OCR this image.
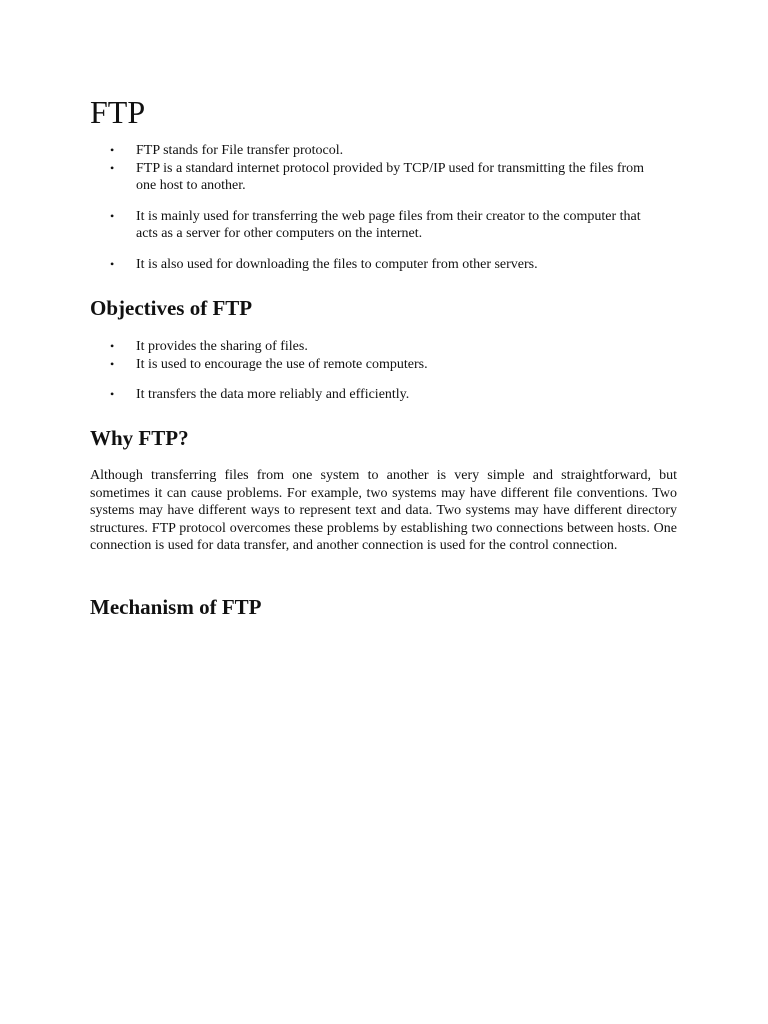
FTP
• FTP stands for File transfer protocol.
• FTP is a standard internet protocol provided by TCP/IP used for transmitting the files from one host to another.
• It is mainly used for transferring the web page files from their creator to the computer that acts as a server for other computers on the internet.
• It is also used for downloading the files to computer from other servers.
Objectives of FTP
• It provides the sharing of files.
• It is used to encourage the use of remote computers.
• It transfers the data more reliably and efficiently.
Why FTP?

Although transferring files from one system to another is very simple and straightforward, but sometimes it can cause problems. For example, two systems may have different file conventions. Two systems may have different ways to represent text and data. Two systems may have different directory structures. FTP protocol overcomes these problems by establishing two connections between hosts. One connection is used for data transfer, and another connection is used for the control connection.

Mechanism of FTP
